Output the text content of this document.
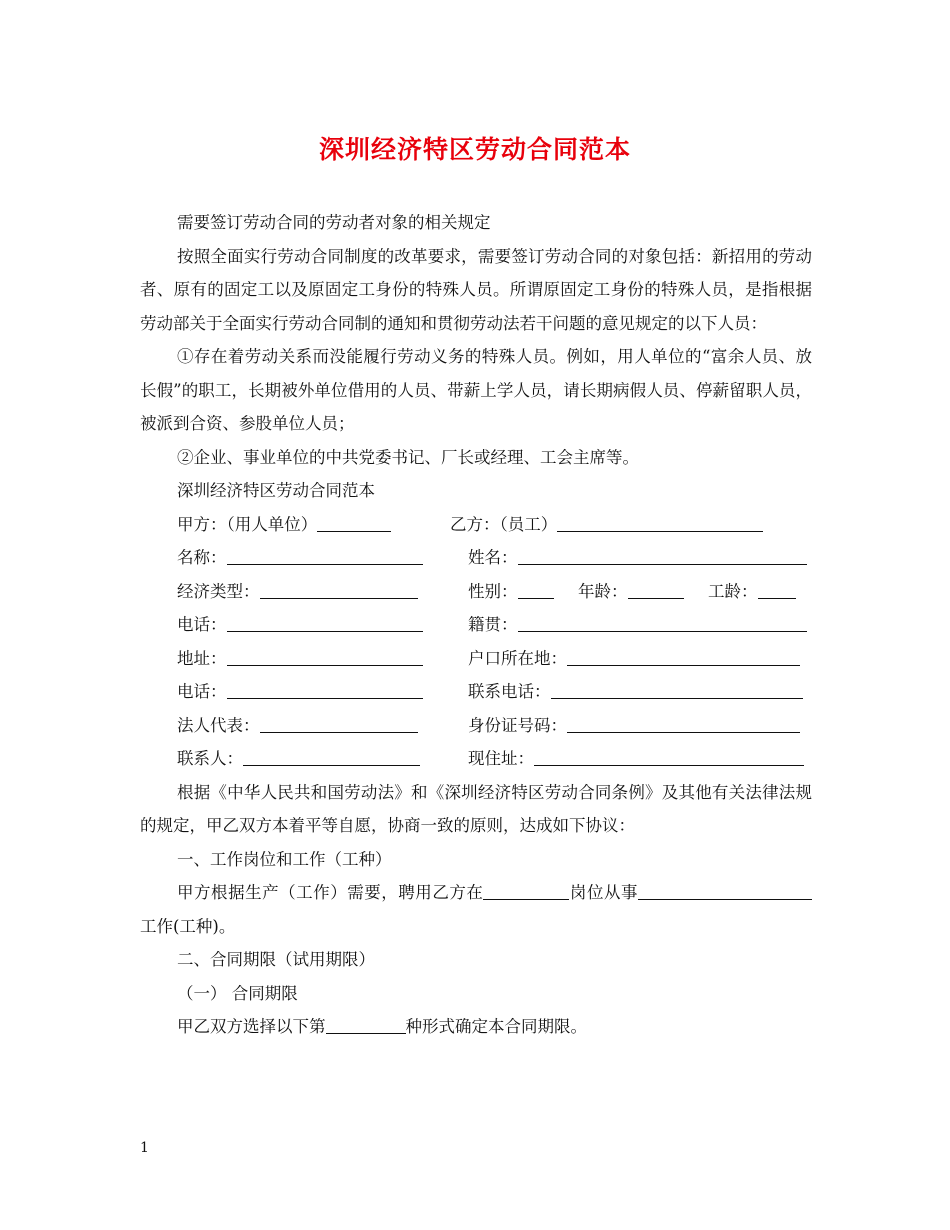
深圳经济特区劳动合同范本

需要签订劳动合同的劳动者对象的相关规定

按照全面实行劳动合同制度的改革要求，需要签订劳动合同的对象包括：新招用的劳动者、原有的固定工以及原固定工身份的特殊人员。所谓原固定工身份的特殊人员，是指根据劳动部关于全面实行劳动合同制的通知和贯彻劳动法若干问题的意见规定的以下人员：

①存在着劳动关系而没能履行劳动义务的特殊人员。例如，用人单位的“富余人员、放长假”的职工，长期被外单位借用的人员、带薪上学人员，请长期病假人员、停薪留职人员，被派到合资、参股单位人员；

②企业、事业单位的中共党委书记、厂长或经理、工会主席等。

深圳经济特区劳动合同范本

甲方：（用人单位）	乙方：（员工）
名称：	姓名：
经济类型：	性别：	年龄：	工龄：
电话：	籍贯：
地址：	户口所在地：
电话：	联系电话：
法人代表：	身份证号码：
联系人：	现住址：

根据《中华人民共和国劳动法》和《深圳经济特区劳动合同条例》及其他有关法律法规的规定，甲乙双方本着平等自愿，协商一致的原则，达成如下协议：

一、工作岗位和工作（工种）

甲方根据生产（工作）需要，聘用乙方在	岗位从事工作(工种)。

二、合同期限（试用期限）

（一） 合同期限

甲乙双方选择以下第	种形式确定本合同期限。

1
